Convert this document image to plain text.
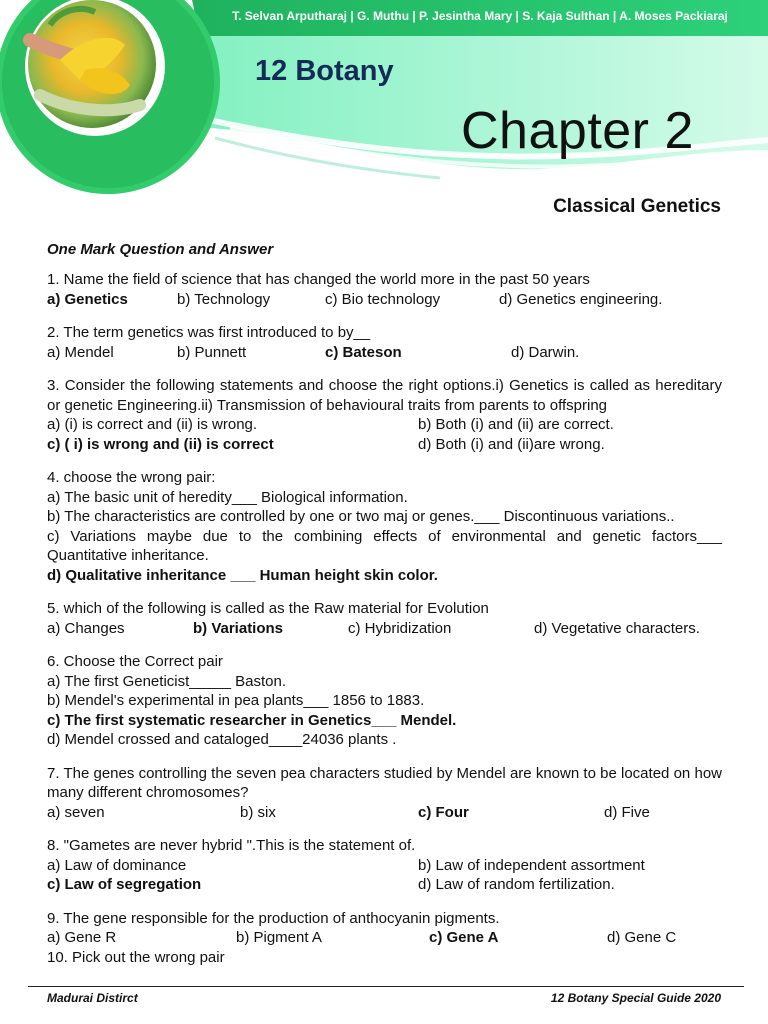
T. Selvan Arputharaj | G. Muthu | P. Jesintha Mary | S. Kaja Sulthan | A. Moses Packiaraj
12 Botany
Chapter 2
Classical Genetics
One Mark Question and Answer
1. Name the field of science that has changed the world more in the past 50 years
a) Genetics	b) Technology	c) Bio technology	d) Genetics engineering.
2. The term genetics was first introduced to by__
a) Mendel	b) Punnett	c) Bateson	d) Darwin.
3. Consider the following statements and choose the right options.i) Genetics is called as hereditary or genetic Engineering.ii) Transmission of behavioural traits from parents to offspring
a) (i) is correct and (ii) is wrong.	b) Both (i) and (ii) are correct.
c) ( i) is wrong and (ii) is correct	d) Both (i) and (ii)are wrong.
4. choose the wrong pair:
a) The basic unit of heredity___ Biological information.
b) The characteristics are controlled by one or two maj or genes.___ Discontinuous variations..
c) Variations maybe due to the combining effects of environmental and genetic factors___ Quantitative inheritance.
d) Qualitative inheritance ___ Human height skin color.
5. which of the following is called as the Raw material for Evolution
a) Changes	b) Variations	c) Hybridization	d) Vegetative characters.
6. Choose the Correct pair
a) The first Geneticist_____ Baston.
b) Mendel's experimental in pea plants___ 1856 to 1883.
c) The first systematic researcher in Genetics___ Mendel.
d) Mendel crossed and cataloged____24036 plants .
7. The genes controlling the seven pea characters studied by Mendel are known to be located on how many different chromosomes?
a) seven	b) six	c) Four	d) Five
8. "Gametes are never hybrid ".This is the statement of.
a) Law of dominance	b) Law of independent assortment
c) Law of segregation	d) Law of random fertilization.
9. The gene responsible for the production of anthocyanin pigments.
a) Gene R	b) Pigment A	c) Gene A	d) Gene C
10. Pick out the wrong pair
Madurai Distirct	12 Botany Special Guide 2020
